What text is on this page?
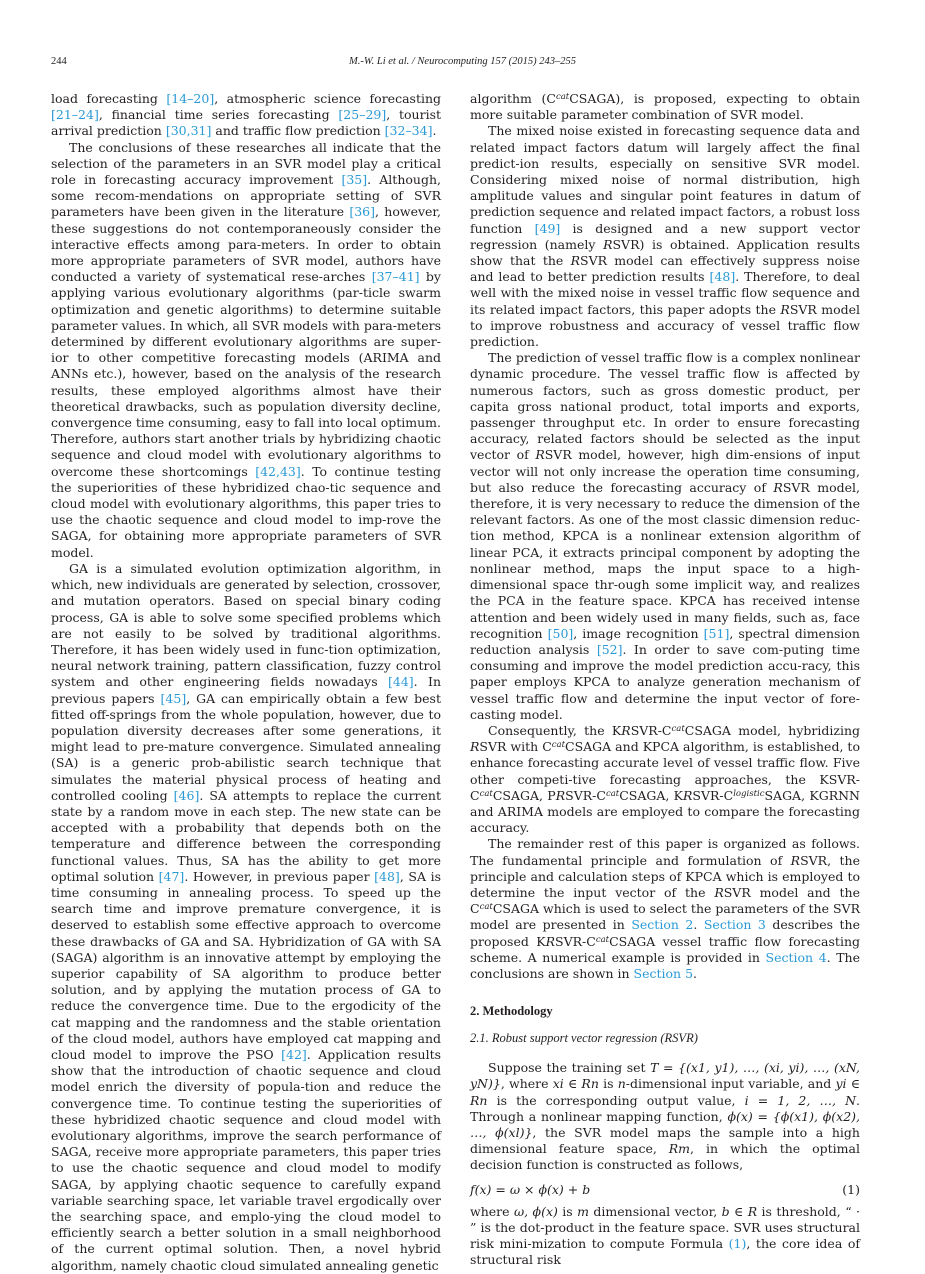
244	M.-W. Li et al. / Neurocomputing 157 (2015) 243–255

load forecasting [14–20], atmospheric science forecasting [21–24], financial time series forecasting [25–29], tourist arrival prediction [30,31] and traffic flow prediction [32–34].

The conclusions of these researches all indicate that the selection of the parameters in an SVR model play a critical role in forecasting accuracy improvement [35]. Although, some recom-mendations on appropriate setting of SVR parameters have been given in the literature [36], however, these suggestions do not contemporaneously consider the interactive effects among para-meters. In order to obtain more appropriate parameters of SVR model, authors have conducted a variety of systematical rese-arches [37–41] by applying various evolutionary algorithms (par-ticle swarm optimization and genetic algorithms) to determine suitable parameter values. In which, all SVR models with para-meters determined by different evolutionary algorithms are super-ior to other competitive forecasting models (ARIMA and ANNs etc.), however, based on the analysis of the research results, these employed algorithms almost have their theoretical drawbacks, such as population diversity decline, convergence time consuming, easy to fall into local optimum. Therefore, authors start another trials by hybridizing chaotic sequence and cloud model with evolutionary algorithms to overcome these shortcomings [42,43]. To continue testing the superiorities of these hybridized chao-tic sequence and cloud model with evolutionary algorithms, this paper tries to use the chaotic sequence and cloud model to imp-rove the SAGA, for obtaining more appropriate parameters of SVR model.

GA is a simulated evolution optimization algorithm, in which, new individuals are generated by selection, crossover, and mutation operators. Based on special binary coding process, GA is able to solve some specified problems which are not easily to be solved by traditional algorithms. Therefore, it has been widely used in func-tion optimization, neural network training, pattern classification, fuzzy control system and other engineering fields nowadays [44]. In previous papers [45], GA can empirically obtain a few best fitted off-springs from the whole population, however, due to population diversity decreases after some generations, it might lead to pre-mature convergence. Simulated annealing (SA) is a generic prob-abilistic search technique that simulates the material physical process of heating and controlled cooling [46]. SA attempts to replace the current state by a random move in each step. The new state can be accepted with a probability that depends both on the temperature and difference between the corresponding functional values. Thus, SA has the ability to get more optimal solution [47]. However, in previous paper [48], SA is time consuming in annealing process. To speed up the search time and improve premature convergence, it is deserved to establish some effective approach to overcome these drawbacks of GA and SA. Hybridization of GA with SA (SAGA) algorithm is an innovative attempt by employing the superior capability of SA algorithm to produce better solution, and by applying the mutation process of GA to reduce the convergence time. Due to the ergodicity of the cat mapping and the randomness and the stable orientation of the cloud model, authors have employed cat mapping and cloud model to improve the PSO [42]. Application results show that the introduction of chaotic sequence and cloud model enrich the diversity of popula-tion and reduce the convergence time. To continue testing the superiorities of these hybridized chaotic sequence and cloud model with evolutionary algorithms, improve the search performance of SAGA, receive more appropriate parameters, this paper tries to use the chaotic sequence and cloud model to modify SAGA, by applying chaotic sequence to carefully expand variable searching space, let variable travel ergodically over the searching space, and emplo-ying the cloud model to efficiently search a better solution in a small neighborhood of the current optimal solution. Then, a novel hybrid algorithm, namely chaotic cloud simulated annealing genetic

algorithm $(C^{cat}CSAGA)$, is proposed, expecting to obtain more suitable parameter combination of SVR model.

The mixed noise existed in forecasting sequence data and related impact factors datum will largely affect the final predict-ion results, especially on sensitive SVR model. Considering mixed noise of normal distribution, high amplitude values and singular point features in datum of prediction sequence and related impact factors, a robust loss function [49] is designed and a new support vector regression (namely RSVR) is obtained. Application results show that the RSVR model can effectively suppress noise and lead to better prediction results [48]. Therefore, to deal well with the mixed noise in vessel traffic flow sequence and its related impact factors, this paper adopts the RSVR model to improve robustness and accuracy of vessel traffic flow prediction.

The prediction of vessel traffic flow is a complex nonlinear dynamic procedure. The vessel traffic flow is affected by numerous factors, such as gross domestic product, per capita gross national product, total imports and exports, passenger throughput etc. In order to ensure forecasting accuracy, related factors should be selected as the input vector of RSVR model, however, high dim-ensions of input vector will not only increase the operation time consuming, but also reduce the forecasting accuracy of RSVR model, therefore, it is very necessary to reduce the dimension of the relevant factors. As one of the most classic dimension reduc-tion method, KPCA is a nonlinear extension algorithm of linear PCA, it extracts principal component by adopting the nonlinear method, maps the input space to a high-dimensional space thr-ough some implicit way, and realizes the PCA in the feature space. KPCA has received intense attention and been widely used in many fields, such as, face recognition [50], image recognition [51], spectral dimension reduction analysis [52]. In order to save com-puting time consuming and improve the model prediction accu-racy, this paper employs KPCA to analyze generation mechanism of vessel traffic flow and determine the input vector of fore-casting model.

Consequently, the KRSVR-$C^{cat}CSAGA$ model, hybridizing RSVR with $C^{cat}CSAGA$ and KPCA algorithm, is established, to enhance forecasting accurate level of vessel traffic flow. Five other competi-tive forecasting approaches, the KSVR-$C^{cat}CSAGA$, PRSVR-$C^{cat}CSAGA$, KRSVR-$C^{logistic}SAGA$, KGRNN and ARIMA models are employed to compare the forecasting accuracy.

The remainder rest of this paper is organized as follows. The fundamental principle and formulation of RSVR, the principle and calculation steps of KPCA which is employed to determine the input vector of the RSVR model and the $C^{cat}CSAGA$ which is used to select the parameters of the SVR model are presented in Section 2. Section 3 describes the proposed KRSVR-$C^{cat}CSAGA$ vessel traffic flow forecasting scheme. A numerical example is provided in Section 4. The conclusions are shown in Section 5.

2. Methodology
2.1. Robust support vector regression (RSVR)

Suppose the training set T = {(x1, y1), …, (xi, yi), …, (xN, yN)}, where xi ∈ Rn is n-dimensional input variable, and yi ∈ Rn is the corresponding output value, i = 1, 2, …, N. Through a nonlinear mapping function, ϕ(x) = {ϕ(x1), ϕ(x2), …, ϕ(xl)}, the SVR model maps the sample into a high dimensional feature space, Rm, in which the optimal decision function is constructed as follows,

f(x) = ω × ϕ(x) + b	(1)

where ω, ϕ(x) is m dimensional vector, b ∈ R is threshold, “ · ” is the dot-product in the feature space. SVR uses structural risk mini-mization to compute Formula (1), the core idea of structural risk
